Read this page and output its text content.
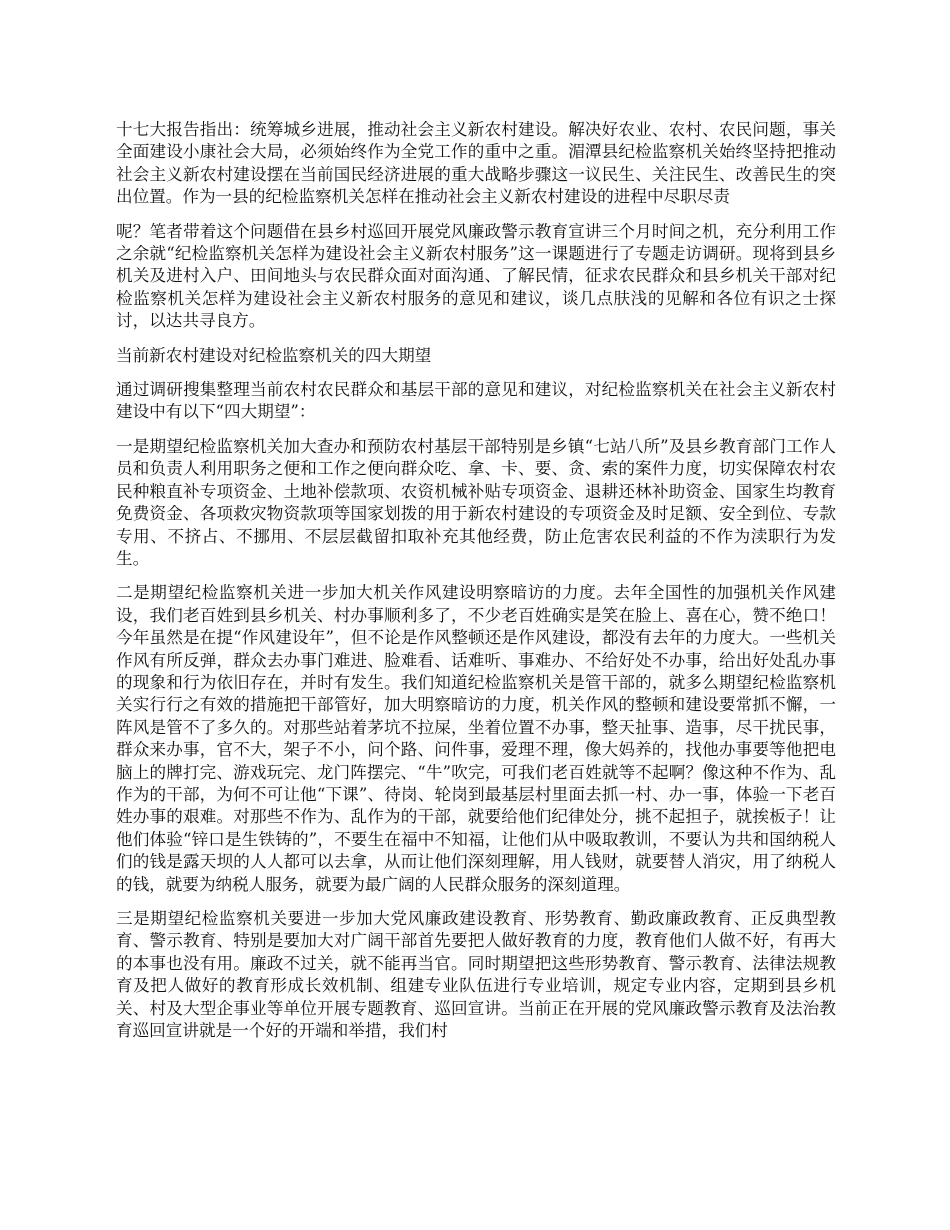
十七大报告指出：统筹城乡进展，推动社会主义新农村建设。解决好农业、农村、农民问题，事关全面建设小康社会大局，必须始终作为全党工作的重中之重。湄潭县纪检监察机关始终坚持把推动社会主义新农村建设摆在当前国民经济进展的重大战略步骤这一议民生、关注民生、改善民生的突出位置。作为一县的纪检监察机关怎样在推动社会主义新农村建设的进程中尽职尽责

呢？笔者带着这个问题借在县乡村巡回开展党风廉政警示教育宣讲三个月时间之机，充分利用工作之余就“纪检监察机关怎样为建设社会主义新农村服务”这一课题进行了专题走访调研。现将到县乡机关及进村入户、田间地头与农民群众面对面沟通、了解民情，征求农民群众和县乡机关干部对纪检监察机关怎样为建设社会主义新农村服务的意见和建议，谈几点肤浅的见解和各位有识之士探讨，以达共寻良方。

当前新农村建设对纪检监察机关的四大期望

通过调研搜集整理当前农村农民群众和基层干部的意见和建议，对纪检监察机关在社会主义新农村建设中有以下“四大期望”：

一是期望纪检监察机关加大查办和预防农村基层干部特别是乡镇“七站八所”及县乡教育部门工作人员和负责人利用职务之便和工作之便向群众吃、拿、卡、要、贪、索的案件力度，切实保障农村农民种粮直补专项资金、土地补偿款项、农资机械补贴专项资金、退耕还林补助资金、国家生均教育免费资金、各项救灾物资款项等国家划拨的用于新农村建设的专项资金及时足额、安全到位、专款专用、不挤占、不挪用、不层层截留扣取补充其他经费，防止危害农民利益的不作为渎职行为发生。

二是期望纪检监察机关进一步加大机关作风建设明察暗访的力度。去年全国性的加强机关作风建设，我们老百姓到县乡机关、村办事顺利多了，不少老百姓确实是笑在脸上、喜在心，赞不绝口！今年虽然是在提“作风建设年”，但不论是作风整顿还是作风建设，都没有去年的力度大。一些机关作风有所反弹，群众去办事门难进、脸难看、话难听、事难办、不给好处不办事，给出好处乱办事的现象和行为依旧存在，并时有发生。我们知道纪检监察机关是管干部的，就多么期望纪检监察机关实行行之有效的措施把干部管好，加大明察暗访的力度，机关作风的整顿和建设要常抓不懈，一阵风是管不了多久的。对那些站着茅坑不拉屎，坐着位置不办事，整天扯事、造事，尽干扰民事，群众来办事，官不大，架子不小，问个路、问件事，爱理不理，像大妈养的，找他办事要等他把电脑上的牌打完、游戏玩完、龙门阵摆完、“牛”吹完，可我们老百姓就等不起啊？像这种不作为、乱作为的干部，为何不可让他“下课”、待岗、轮岗到最基层村里面去抓一村、办一事，体验一下老百姓办事的艰难。对那些不作为、乱作为的干部，就要给他们纪律处分，挑不起担子，就挨板子！让他们体验“锌口是生铁铸的”，不要生在福中不知福，让他们从中吸取教训，不要认为共和国纳税人们的钱是露天坝的人人都可以去拿，从而让他们深刻理解，用人钱财，就要替人消灾，用了纳税人的钱，就要为纳税人服务，就要为最广阔的人民群众服务的深刻道理。

三是期望纪检监察机关要进一步加大党风廉政建设教育、形势教育、勤政廉政教育、正反典型教育、警示教育、特别是要加大对广阔干部首先要把人做好教育的力度，教育他们人做不好，有再大的本事也没有用。廉政不过关，就不能再当官。同时期望把这些形势教育、警示教育、法律法规教育及把人做好的教育形成长效机制、组建专业队伍进行专业培训，规定专业内容，定期到县乡机关、村及大型企事业等单位开展专题教育、巡回宣讲。当前正在开展的党风廉政警示教育及法治教育巡回宣讲就是一个好的开端和举措，我们村
